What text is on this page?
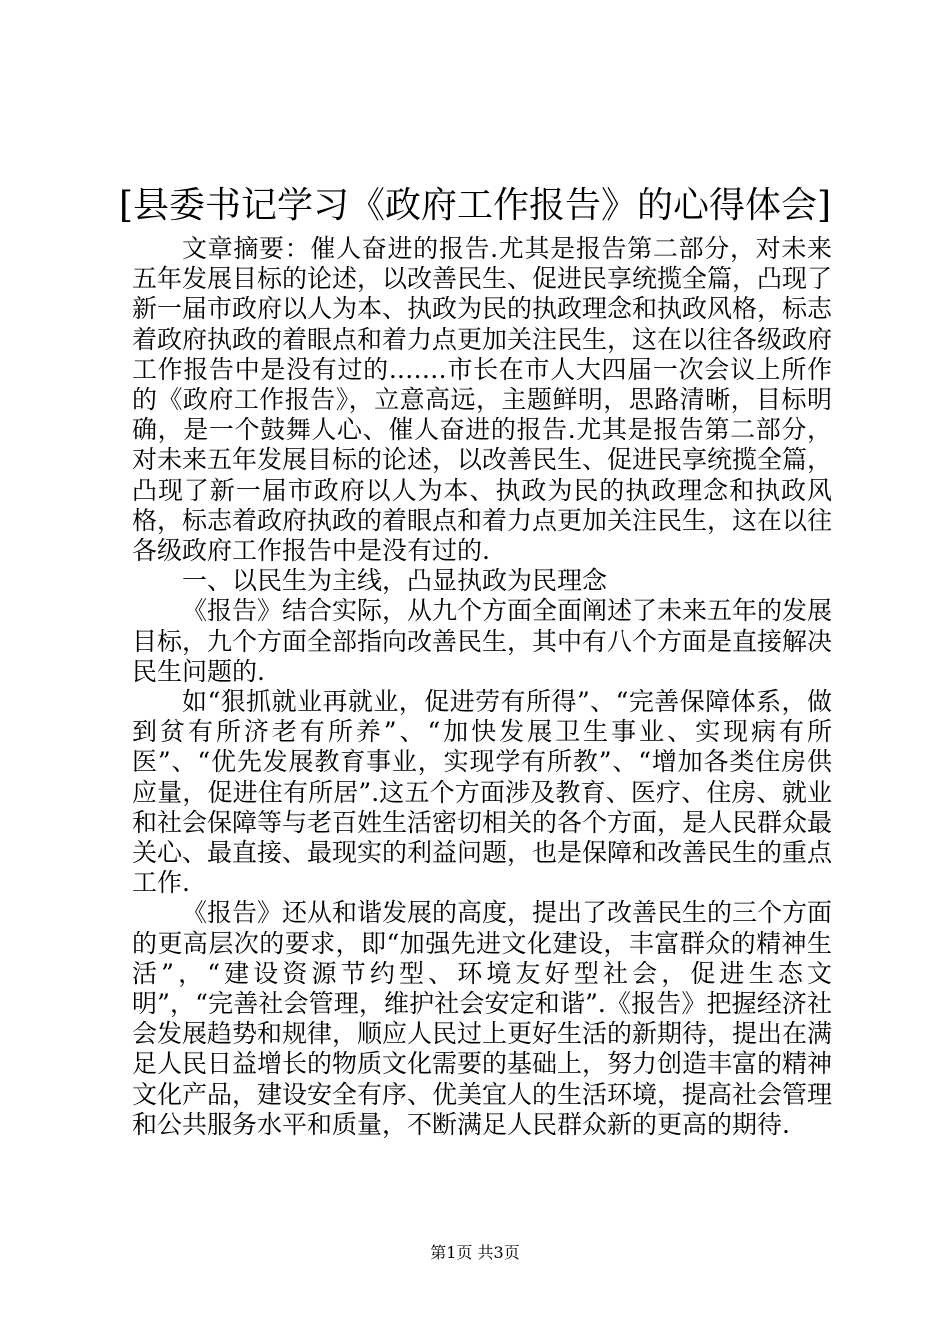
[县委书记学习《政府工作报告》的心得体会]

文章摘要：催人奋进的报告.尤其是报告第二部分，对未来五年发展目标的论述，以改善民生、促进民享统揽全篇，凸现了新一届市政府以人为本、执政为民的执政理念和执政风格，标志着政府执政的着眼点和着力点更加关注民生，这在以往各级政府工作报告中是没有过的.……市长在市人大四届一次会议上所作的《政府工作报告》，立意高远，主题鲜明，思路清晰，目标明确，是一个鼓舞人心、催人奋进的报告.尤其是报告第二部分，对未来五年发展目标的论述，以改善民生、促进民享统揽全篇，凸现了新一届市政府以人为本、执政为民的执政理念和执政风格，标志着政府执政的着眼点和着力点更加关注民生，这在以往各级政府工作报告中是没有过的.

一、以民生为主线，凸显执政为民理念

《报告》结合实际，从九个方面全面阐述了未来五年的发展目标，九个方面全部指向改善民生，其中有八个方面是直接解决民生问题的.

如“狠抓就业再就业，促进劳有所得”、“完善保障体系，做到贫有所济老有所养”、“加快发展卫生事业、实现病有所医”、“优先发展教育事业，实现学有所教”、“增加各类住房供应量，促进住有所居”.这五个方面涉及教育、医疗、住房、就业和社会保障等与老百姓生活密切相关的各个方面，是人民群众最关心、最直接、最现实的利益问题，也是保障和改善民生的重点工作.

《报告》还从和谐发展的高度，提出了改善民生的三个方面的更高层次的要求，即“加强先进文化建设，丰富群众的精神生活”，“建设资源节约型、环境友好型社会，促进生态文明”，“完善社会管理，维护社会安定和谐”.《报告》把握经济社会发展趋势和规律，顺应人民过上更好生活的新期待，提出在满足人民日益增长的物质文化需要的基础上，努力创造丰富的精神文化产品，建设安全有序、优美宜人的生活环境，提高社会管理和公共服务水平和质量，不断满足人民群众新的更高的期待.

第1页 共3页
